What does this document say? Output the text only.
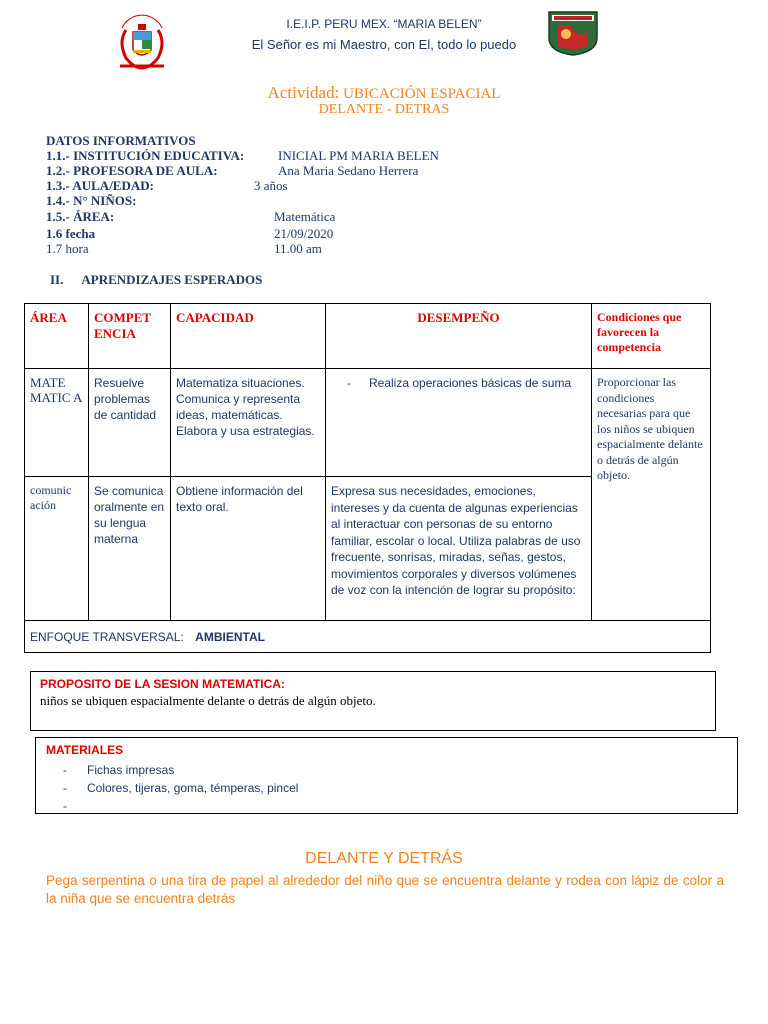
I.E.I.P. PERU MEX. “MARIA BELEN”
El Señor es mi Maestro, con El, todo lo puedo
Actividad: UBICACIÓN ESPACIAL
DELANTE - DETRAS
DATOS INFORMATIVOS
1.1.- INSTITUCIÓN EDUCATIVA:	INICIAL PM MARIA BELEN
1.2.- PROFESORA DE AULA:	Ana Maria Sedano Herrera
1.3.- AULA/EDAD:	3 años
1.4.- N° NIÑOS:
1.5.- ÁREA:	Matemática
1.6 fecha	21/09/2020
1.7 hora	11.00 am
II. APRENDIZAJES ESPERADOS
ÁREA	COMPET ENCIA	CAPACIDAD	DESEMPEÑO	Condiciones que favorecen la competencia
MATE MATIC A	Resuelve problemas de cantidad	Matematiza situaciones.
Comunica y representa ideas, matemáticas.
Elabora y usa estrategias.	- Realiza operaciones básicas de suma	Proporcionar las condiciones necesarias para que los niños se ubiquen espacialmente delante o detrás de algún objeto.
comunic ación	Se comunica oralmente en su lengua materna	Obtiene información del texto oral.	Expresa sus necesidades, emociones, intereses y da cuenta de algunas experiencias al interactuar con personas de su entorno familiar, escolar o local. Utiliza palabras de uso frecuente, sonrisas, miradas, señas, gestos, movimientos corporales y diversos volúmenes de voz con la intención de lograr su propósito:	
ENFOQUE TRANSVERSAL: AMBIENTAL				
PROPOSITO DE LA SESION MATEMATICA:
niños se ubiquen espacialmente delante o detrás de algún objeto.
MATERIALES
- Fichas impresas
- Colores, tijeras, goma, témperas, pincel
-
DELANTE Y DETRÁS
Pega serpentina o una tira de papel al alrededor del niño que se encuentra delante y rodea con lápiz de color a la niña que se encuentra detrás
